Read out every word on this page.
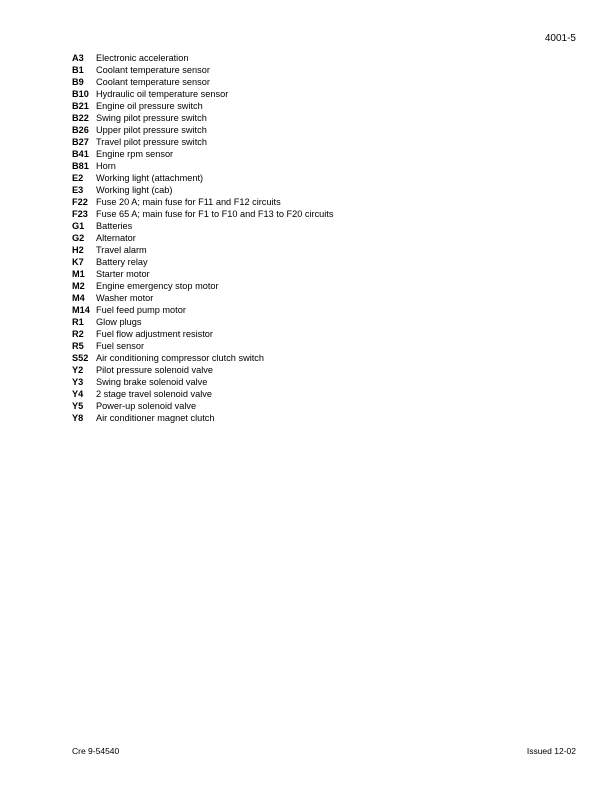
4001-5
A3	Electronic acceleration
B1	Coolant temperature sensor
B9	Coolant temperature sensor
B10 Hydraulic oil temperature sensor
B21 Engine oil pressure switch
B22 Swing pilot pressure switch
B26 Upper pilot pressure switch
B27 Travel pilot pressure switch
B41 Engine rpm sensor
B81 Horn
E2	Working light (attachment)
E3	Working light (cab)
F22 Fuse 20 A; main fuse for F11 and F12 circuits
F23 Fuse 65 A; main fuse for F1 to F10 and F13 to F20 circuits
G1	Batteries
G2	Alternator
H2	Travel alarm
K7	Battery relay
M1	Starter motor
M2	Engine emergency stop motor
M4	Washer motor
M14 Fuel feed pump motor
R1	Glow plugs
R2	Fuel flow adjustment resistor
R5	Fuel sensor
S52 Air conditioning compressor clutch switch
Y2	Pilot pressure solenoid valve
Y3	Swing brake solenoid valve
Y4	2 stage travel solenoid valve
Y5	Power-up solenoid valve
Y8	Air conditioner magnet clutch
Cre 9-54540	Issued 12-02
